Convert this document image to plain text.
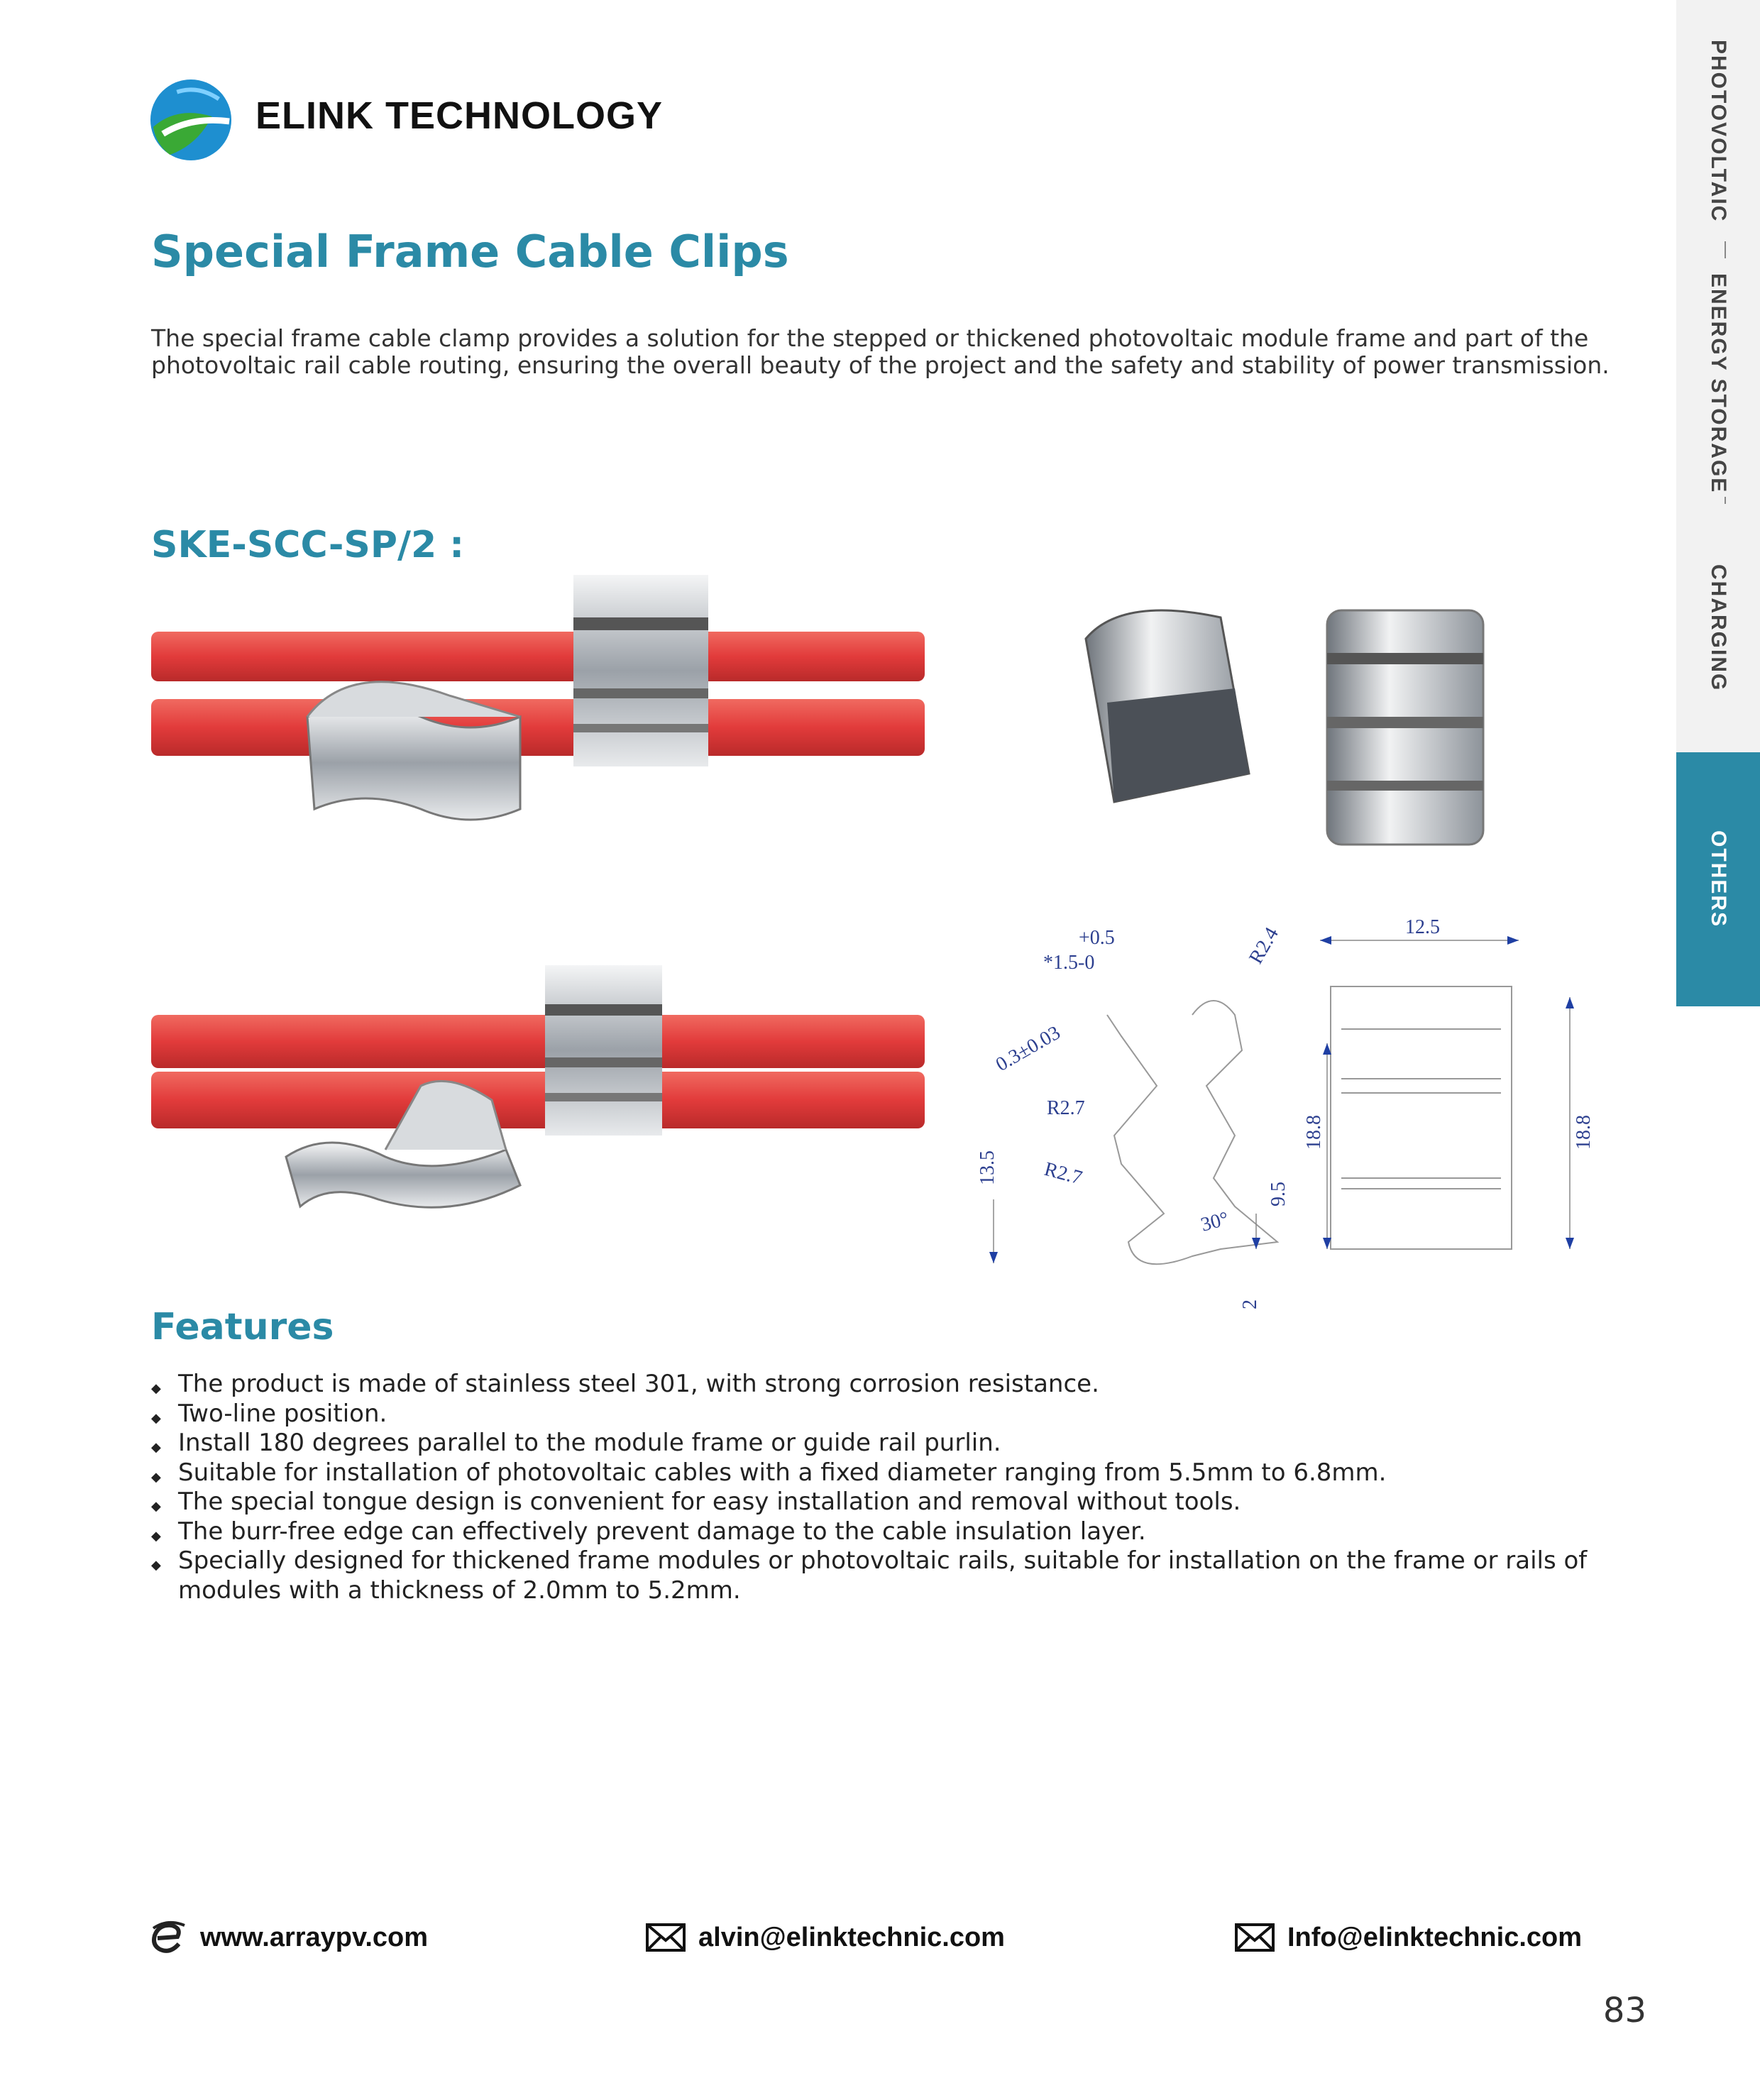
ELINK TECHNOLOGY
Special Frame Cable Clips
The special frame cable clamp provides a solution for the stepped or thickened photovoltaic module frame and part of the photovoltaic rail cable routing, ensuring the overall beauty of the project and the safety and stability of power transmission.
SKE-SCC-SP/2 :
+0.5
*1.5-0	R2.4
0.3±0.03
R2.7
R2.7
13.5
18.8
9.5
30°
2
12.5
18.8
Features
◆ The product is made of stainless steel 301, with strong corrosion resistance.
◆ Two-line position.
◆ Install 180 degrees parallel to the module frame or guide rail purlin.
◆ Suitable for installation of photovoltaic cables with a fixed diameter ranging from 5.5mm to 6.8mm.
◆ The special tongue design is convenient for easy installation and removal without tools.
◆ The burr-free edge can effectively prevent damage to the cable insulation layer.
◆ Specially designed for thickened frame modules or photovoltaic rails, suitable for installation on the frame or rails of modules with a thickness of 2.0mm to 5.2mm.
PHOTOVOLTAIC
ENERGY STORAGE
CHARGING
OTHERS
www.arraypv.com	alvin@elinktechnic.com	Info@elinktechnic.com
83
